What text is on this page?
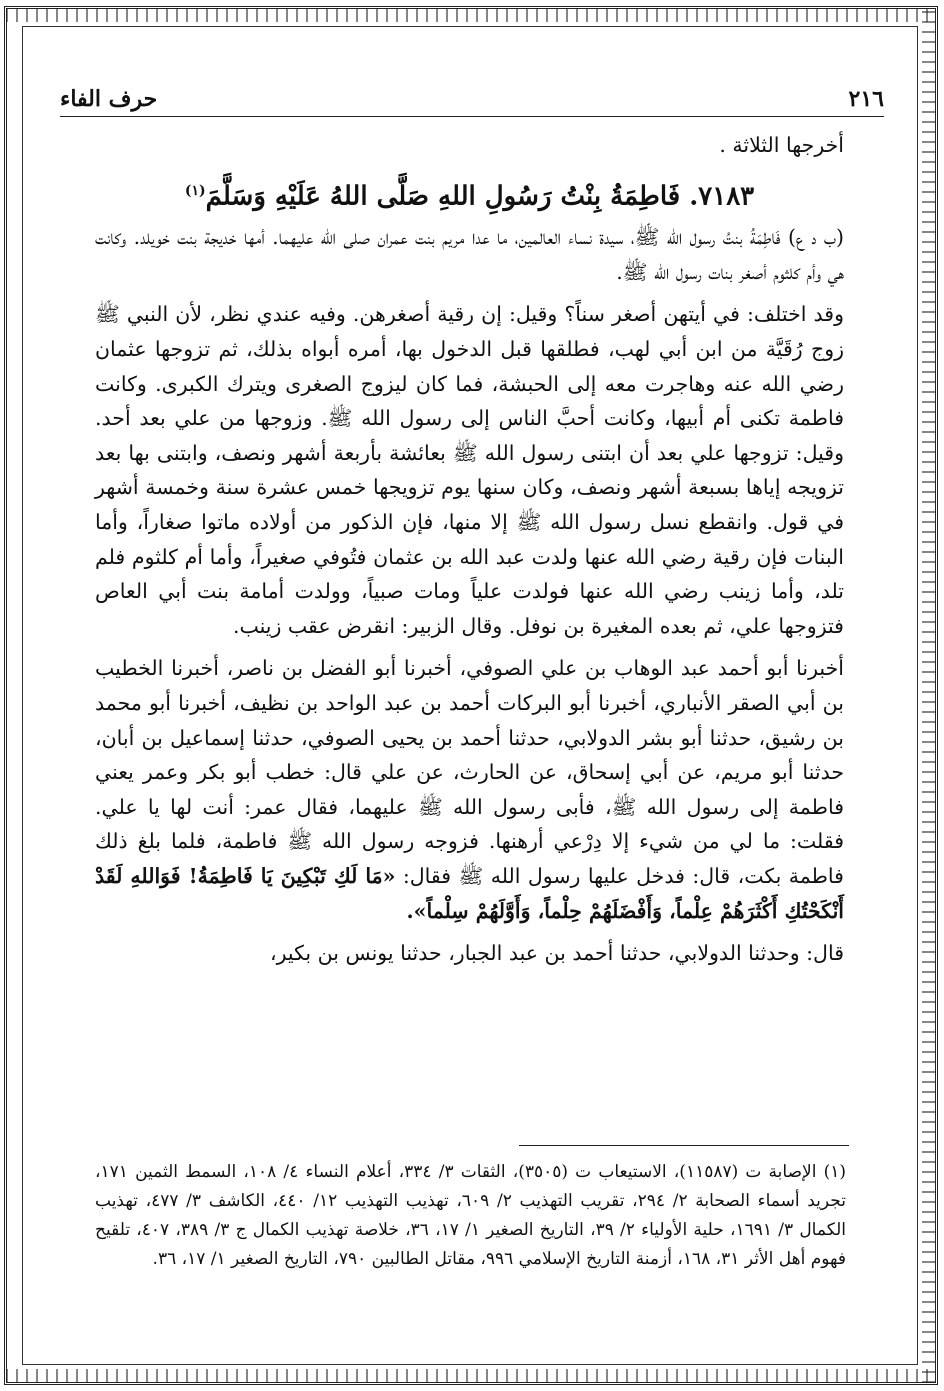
٢١٦
حرف الفاء

أخرجها الثلاثة .

٧١٨٣. فَاطِمَةُ بِنْتُ رَسُولِ اللهِ صَلَّى اللهُ عَلَيْهِ وَسَلَّمَ$^{(١)}$

(ب د ع) فَاطِمَةُ بنتُ رسول الله ﷺ، سيدة نساء العالمين، ما عدا مريم بنت عمران صلى الله عليهما. أمها خديجة بنت خويلد. وكانت هي وأم كلثوم أصغر بنات رسول الله ﷺ.

وقد اختلف: في أيتهن أصغر سناً؟ وقيل: إن رقية أصغرهن. وفيه عندي نظر، لأن النبي ﷺ زوج رُقَيَّة من ابن أبي لهب، فطلقها قبل الدخول بها، أمره أبواه بذلك، ثم تزوجها عثمان رضي الله عنه وهاجرت معه إلى الحبشة، فما كان ليزوج الصغرى ويترك الكبرى. وكانت فاطمة تكنى أم أبيها، وكانت أحبَّ الناس إلى رسول الله ﷺ. وزوجها من علي بعد أحد. وقيل: تزوجها علي بعد أن ابتنى رسول الله ﷺ بعائشة بأربعة أشهر ونصف، وابتنى بها بعد تزويجه إياها بسبعة أشهر ونصف، وكان سنها يوم تزويجها خمس عشرة سنة وخمسة أشهر في قول. وانقطع نسل رسول الله ﷺ إلا منها، فإن الذكور من أولاده ماتوا صغاراً، وأما البنات فإن رقية رضي الله عنها ولدت عبد الله بن عثمان فتُوفي صغيراً، وأما أم كلثوم فلم تلد، وأما زينب رضي الله عنها فولدت علياً ومات صبياً، وولدت أمامة بنت أبي العاص فتزوجها علي، ثم بعده المغيرة بن نوفل. وقال الزبير: انقرض عقب زينب.

أخبرنا أبو أحمد عبد الوهاب بن علي الصوفي، أخبرنا أبو الفضل بن ناصر، أخبرنا الخطيب بن أبي الصقر الأنباري، أخبرنا أبو البركات أحمد بن عبد الواحد بن نظيف، أخبرنا أبو محمد بن رشيق، حدثنا أبو بشر الدولابي، حدثنا أحمد بن يحيى الصوفي، حدثنا إسماعيل بن أبان، حدثنا أبو مريم، عن أبي إسحاق، عن الحارث، عن علي قال: خطب أبو بكر وعمر يعني فاطمة إلى رسول الله ﷺ، فأبى رسول الله ﷺ عليهما، فقال عمر: أنت لها يا علي. فقلت: ما لي من شيء إلا دِرْعي أرهنها. فزوجه رسول الله ﷺ فاطمة، فلما بلغ ذلك فاطمة بكت، قال: فدخل عليها رسول الله ﷺ فقال: «مَا لَكِ تَبْكِينَ يَا فَاطِمَةُ! فَوَاللهِ لَقَدْ أَنْكَحْتُكِ أَكْثَرَهُمْ عِلْماً، وَأَفْضَلَهُمْ حِلْماً، وَأَوَّلَهُمْ سِلْماً».

قال: وحدثنا الدولابي، حدثنا أحمد بن عبد الجبار، حدثنا يونس بن بكير،

(١) الإصابة ت (١١٥٨٧)، الاستيعاب ت (٣٥٠٥)، الثقات ٣/ ٣٣٤، أعلام النساء ٤/ ١٠٨، السمط الثمين ١٧١، تجريد أسماء الصحابة ٢/ ٢٩٤، تقريب التهذيب ٢/ ٦٠٩، تهذيب التهذيب ١٢/ ٤٤٠، الكاشف ٣/ ٤٧٧، تهذيب الكمال ٣/ ١٦٩١، حلية الأولياء ٢/ ٣٩، التاريخ الصغير ١/ ١٧، ٣٦، خلاصة تهذيب الكمال ج ٣/ ٣٨٩، ٤٠٧، تلقيح فهوم أهل الأثر ٣١، ١٦٨، أزمنة التاريخ الإسلامي ٩٩٦، مقاتل الطالبين ٧٩٠، التاريخ الصغير ١/ ١٧، ٣٦.
